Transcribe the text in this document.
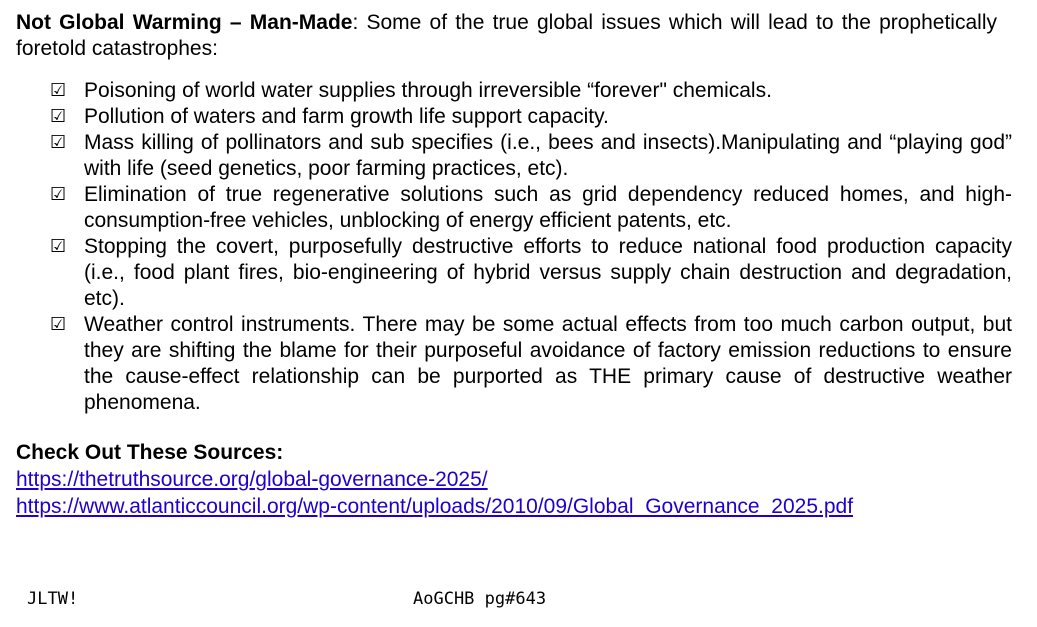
Not Global Warming – Man-Made: Some of the true global issues which will lead to the prophetically foretold catastrophes:
☑ Poisoning of world water supplies through irreversible “forever" chemicals.
☑ Pollution of waters and farm growth life support capacity.
☑ Mass killing of pollinators and sub specifies (i.e., bees and insects).Manipulating and “playing god” with life (seed genetics, poor farming practices, etc).
☑ Elimination of true regenerative solutions such as grid dependency reduced homes, and high-consumption-free vehicles, unblocking of energy efficient patents, etc.
☑ Stopping the covert, purposefully destructive efforts to reduce national food production capacity (i.e., food plant fires, bio-engineering of hybrid versus supply chain destruction and degradation, etc).
☑ Weather control instruments. There may be some actual effects from too much carbon output, but they are shifting the blame for their purposeful avoidance of factory emission reductions to ensure the cause-effect relationship can be purported as THE primary cause of destructive weather phenomena.
Check Out These Sources:
https://thetruthsource.org/global-governance-2025/
https://www.atlanticcouncil.org/wp-content/uploads/2010/09/Global_Governance_2025.pdf
JLTW!	AoGCHB pg#643
